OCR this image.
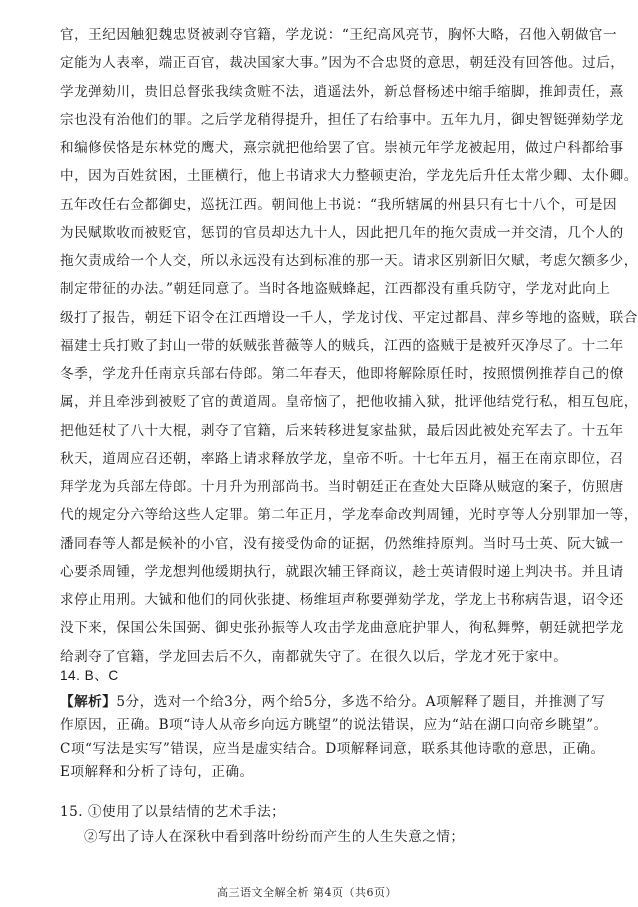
官，王纪因触犯魏忠贤被剥夺官籍，学龙说：“王纪高风亮节，胸怀大略，召他入朝做官一
定能为人表率，端正百官，裁决国家大事。”因为不合忠贤的意思，朝廷没有回答他。过后，
学龙弹劾川，贵旧总督张我续贪赃不法，逍遥法外，新总督杨述中缩手缩脚，推卸责任，熹
宗也没有治他们的罪。之后学龙稍得提升，担任了右给事中。五年九月，御史智铤弹劾学龙
和编修侯恪是东林党的鹰犬，熹宗就把他给罢了官。崇祯元年学龙被起用，做过户科都给事
中，因为百姓贫困，土匪横行，他上书请求大力整顿吏治，学龙先后升任太常少卿、太仆卿。
五年改任右佥都御史，巡抚江西。朝间他上书说：“我所辖属的州县只有七十八个，可是因
为民赋欺收而被贬官，惩罚的官员却达九十人，因此把几年的拖欠责成一并交清，几个人的
拖欠责成给一个人交，所以永远没有达到标准的那一天。请求区别新旧欠赋，考虑欠额多少，
制定带征的办法。”朝廷同意了。当时各地盗贼蜂起，江西都没有重兵防守，学龙对此向上
级打了报告，朝廷下诏令在江西增设一千人，学龙讨伐、平定过都昌、萍乡等地的盗贼，联合
福建士兵打败了封山一带的妖贼张普薇等人的贼兵，江西的盗贼于是被歼灭净尽了。十二年
冬季，学龙升任南京兵部右侍郎。第二年春天，他即将解除原任时，按照惯例推荐自己的僚
属，并且牵涉到被贬了官的黄道周。皇帝恼了，把他收捕入狱，批评他结党行私，相互包庇，
把他廷杖了八十大棍，剥夺了官籍，后来转移进复家盐狱，最后因此被处充军去了。十五年
秋天，道周应召还朝，率路上请求释放学龙，皇帝不听。十七年五月，福王在南京即位，召
拜学龙为兵部左侍郎。十月升为刑部尚书。当时朝廷正在查处大臣降从贼寇的案子，仿照唐
代的规定分六等给这些人定罪。第二年正月，学龙奉命改判周锺，光时亨等人分别罪加一等，
潘同春等人都是候补的小官，没有接受伪命的证据，仍然维持原判。当时马士英、阮大铖一
心要杀周锺，学龙想判他缓期执行，就跟次辅王铎商议，趁士英请假时递上判决书。并且请
求停止用刑。大铖和他们的同伙张捷、杨维垣声称要弹劾学龙，学龙上书称病告退，诏令还
没下来，保国公朱国弼、御史张孙振等人攻击学龙曲意庇护罪人，徇私舞弊，朝廷就把学龙
给剥夺了官籍，学龙回去后不久，南都就失守了。在很久以后，学龙才死于家中。
14. B、C
【解析】5分，选对一个给3分，两个给5分，多选不给分。A项解释了题目，并推测了写
作原因，正确。B项“诗人从帝乡向远方眺望”的说法错误，应为“站在湖口向帝乡眺望”。
C项“写法是实写”错误，应当是虚实结合。D项解释词意，联系其他诗歌的意思，正确。
E项解释和分析了诗句，正确。
15. ①使用了以景结情的艺术手法；
②写出了诗人在深秋中看到落叶纷纷而产生的人生失意之情；
高三语文全解全析 第4页（共6页）
